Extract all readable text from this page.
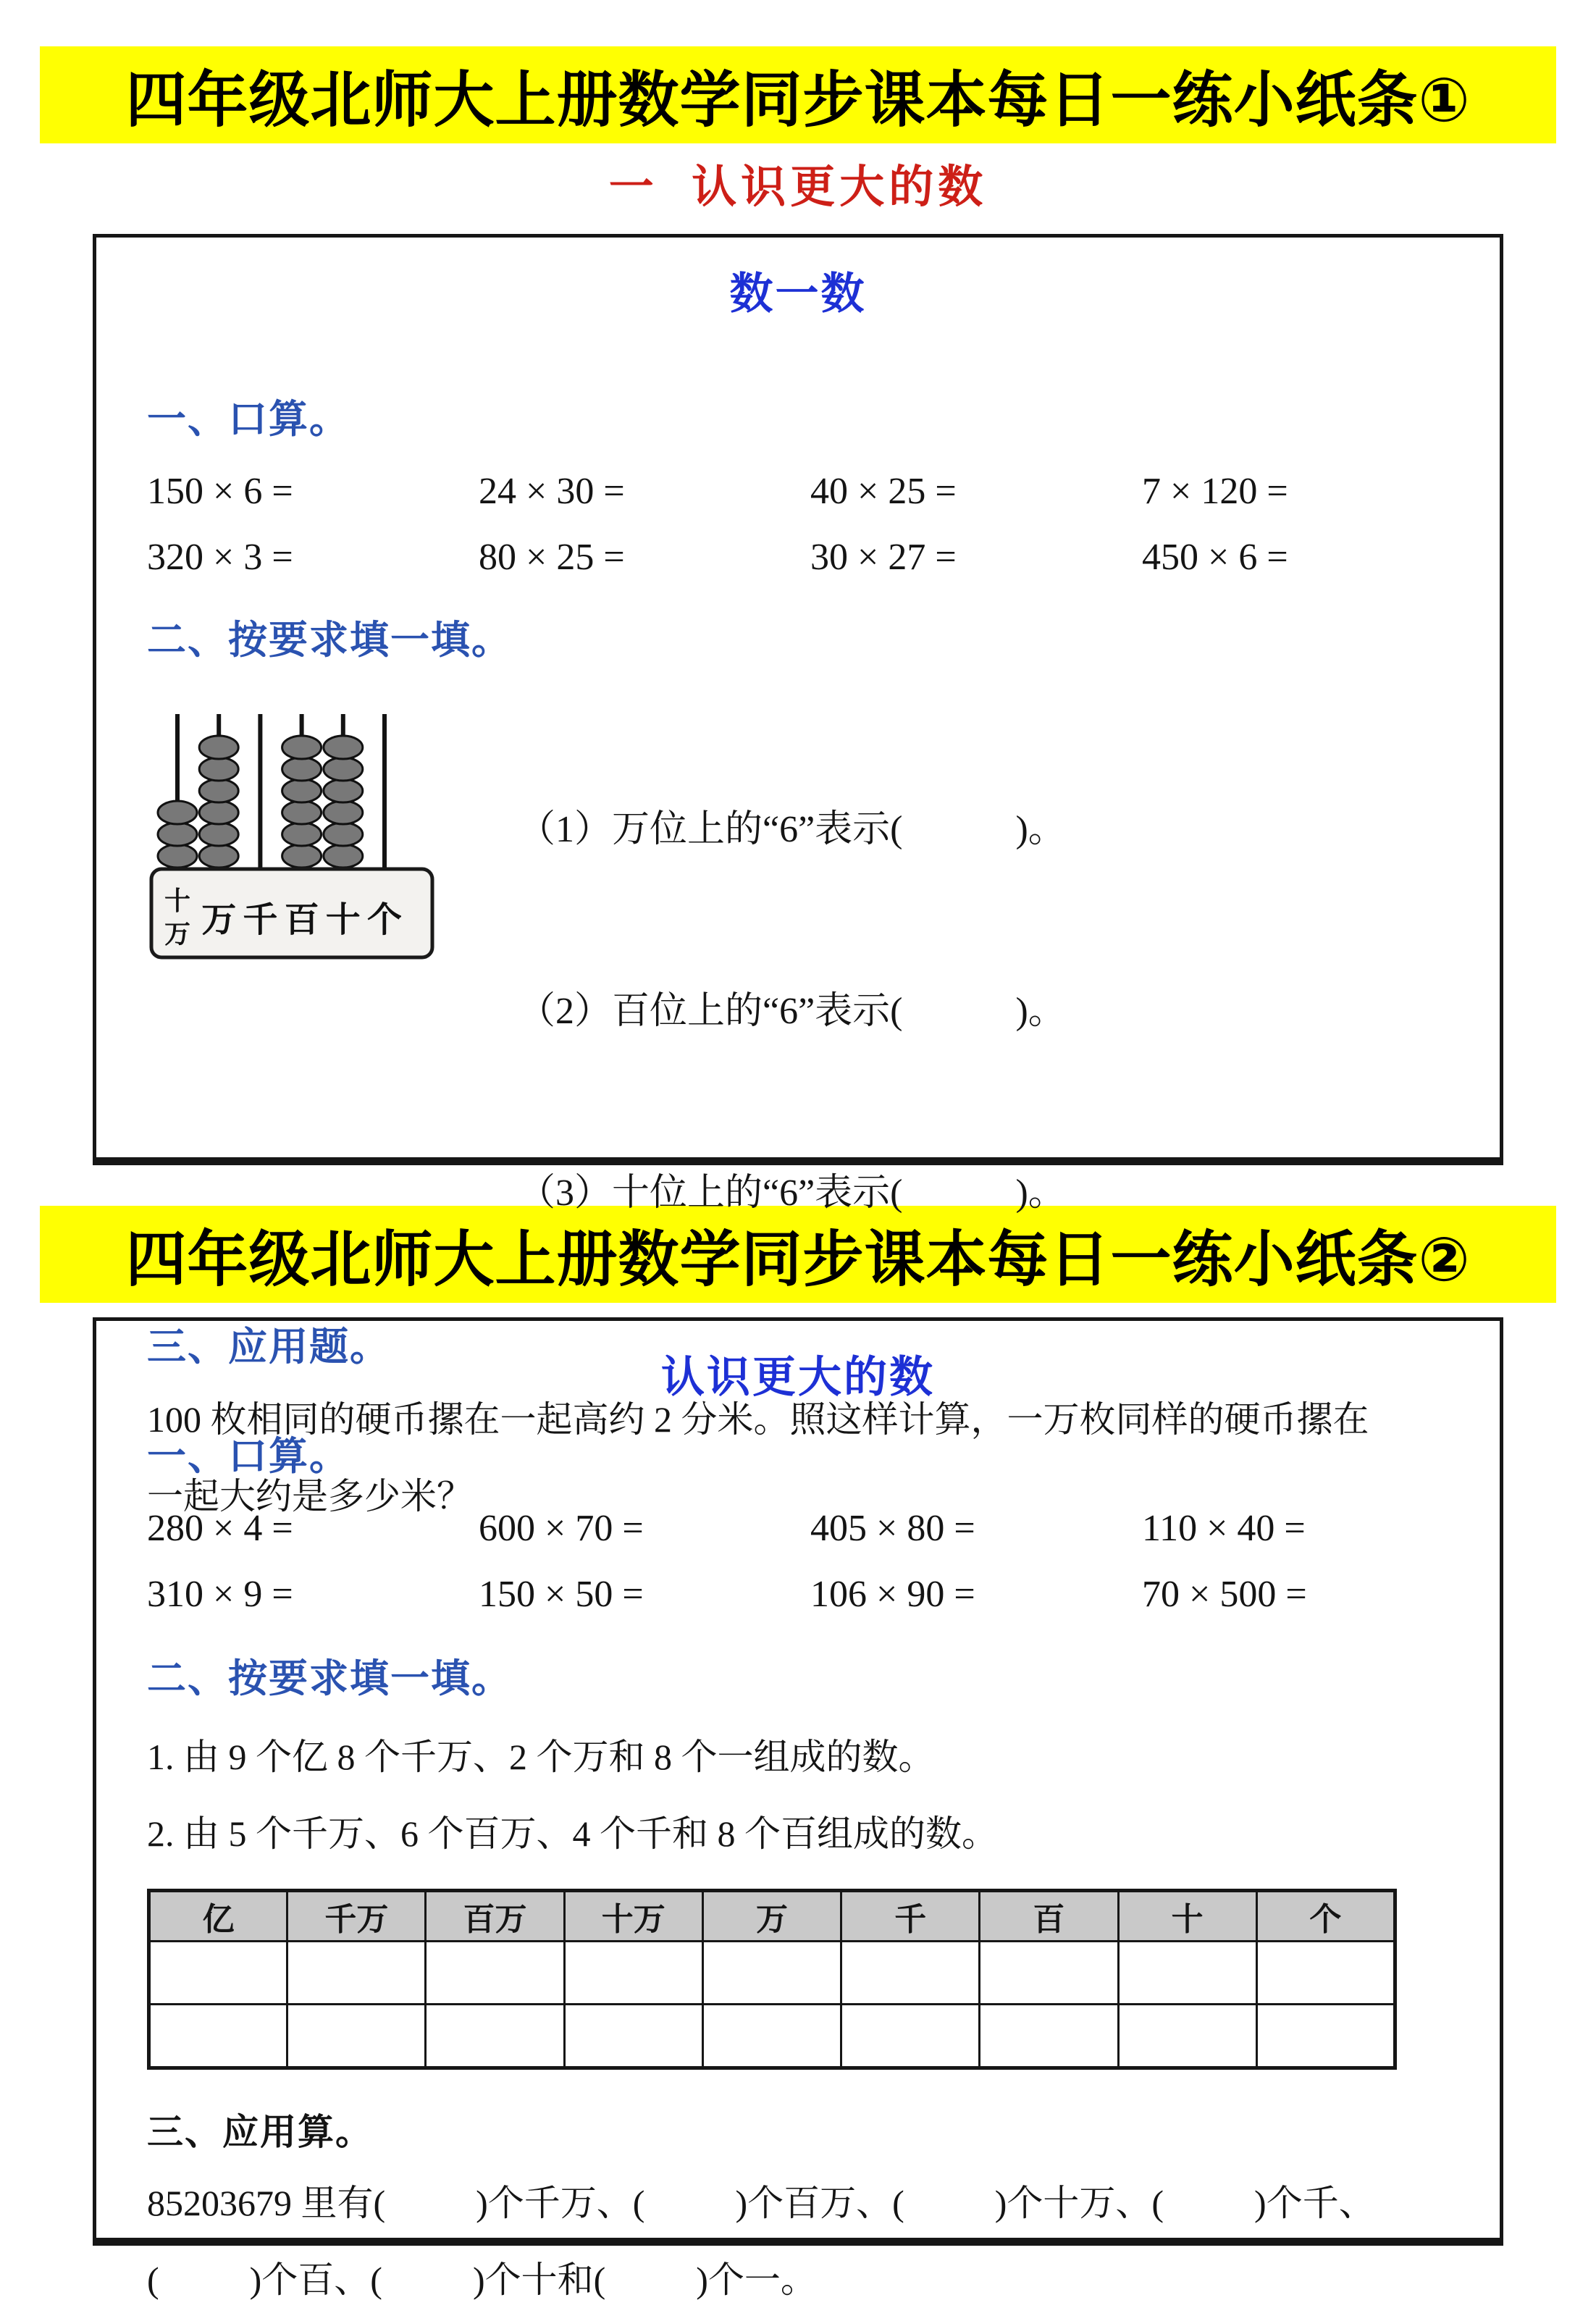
四年级北师大上册数学同步课本每日一练小纸条①
一  认识更大的数
数一数
一、口算。
150 × 6 =	24 × 30 =	40 × 25 =	7 × 120 =
320 × 3 =	80 × 25 =	30 × 27 =	450 × 6 =
二、按要求填一填。
十
万 万 千 百 十 个

（1）万位上的“6”表示(            )。

（2）百位上的“6”表示(            )。

（3）十位上的“6”表示(            )。

三、应用题。

100 枚相同的硬币摞在一起高约 2 分米。照这样计算，一万枚同样的硬币摞在

一起大约是多少米？

四年级北师大上册数学同步课本每日一练小纸条②
认识更大的数
一、口算。
280 × 4 =	600 × 70 =	405 × 80 =	110 × 40 =
310 × 9 =	150 × 50 =	106 × 90 =	70 × 500 =
二、按要求填一填。

1. 由 9 个亿 8 个千万、2 个万和 8 个一组成的数。

2. 由 5 个千万、6 个百万、4 个千和 8 个百组成的数。

亿	千万	百万	十万	万	千	百	十	个

三、应用算。

85203679 里有(          )个千万、(          )个百万、(          )个十万、(          )个千、

(          )个百、(          )个十和(          )个一。
